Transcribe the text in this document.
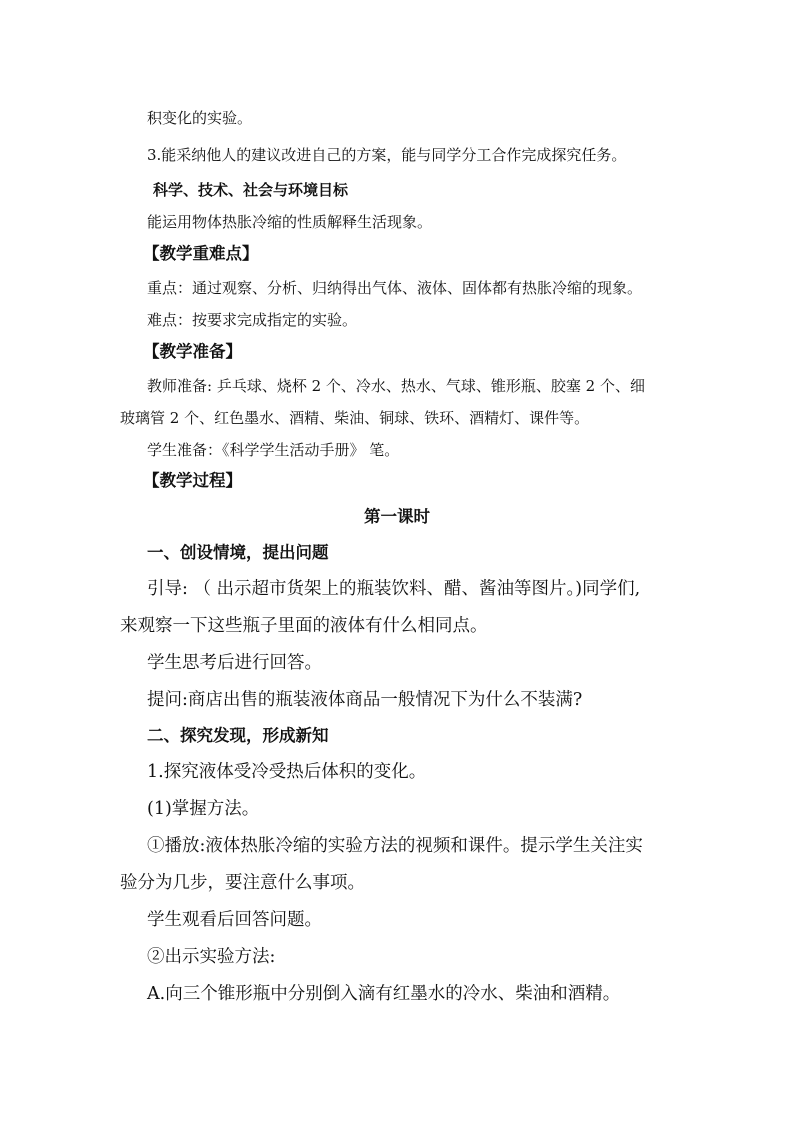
积变化的实验。
3.能采纳他人的建议改进自己的方案，能与同学分工合作完成探究任务。
科学、技术、社会与环境目标
能运用物体热胀冷缩的性质解释生活现象。
【教学重难点】
重点：通过观察、分析、归纳得出气体、液体、固体都有热胀冷缩的现象。
难点：按要求完成指定的实验。
【教学准备】
教师准备: 乒乓球、烧杯 2 个、冷水、热水、气球、锥形瓶、胶塞 2 个、细
玻璃管 2 个、红色墨水、酒精、柴油、铜球、铁环、酒精灯、课件等。
学生准备：《科学学生活动手册》 笔。
【教学过程】
第一课时
一、创设情境，提出问题
引导: （ 出示超市货架上的瓶装饮料、醋、酱油等图片。)同学们,
来观察一下这些瓶子里面的液体有什么相同点。
学生思考后进行回答。
提问:商店出售的瓶装液体商品一般情况下为什么不装满?
二、探究发现，形成新知
1.探究液体受冷受热后体积的变化。
(1)掌握方法。
①播放:液体热胀冷缩的实验方法的视频和课件。提示学生关注实
验分为几步，要注意什么事项。
学生观看后回答问题。
②出示实验方法:
A.向三个锥形瓶中分别倒入滴有红墨水的冷水、柴油和酒精。
